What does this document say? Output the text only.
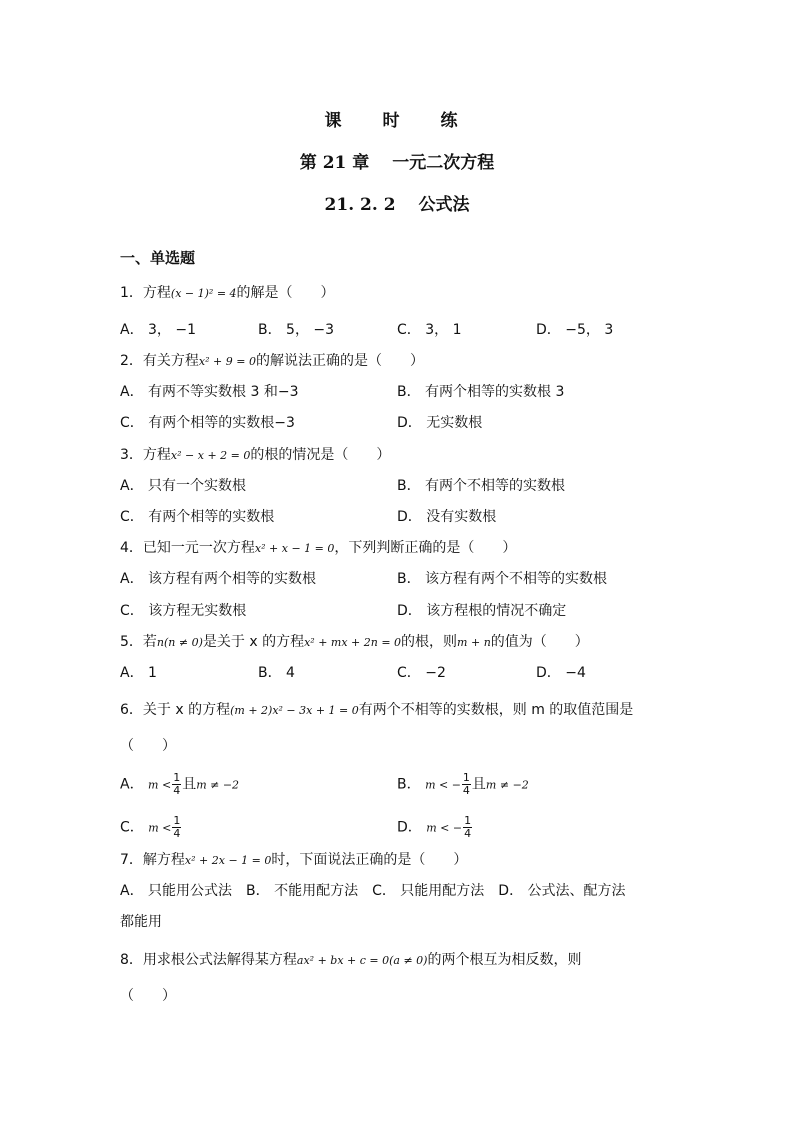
课　时　练
第 21 章　 一元二次方程
21. 2. 2　 公式法
一、单选题
1．方程(x − 1)² = 4的解是（　　）
A． 3， −1	B． 5， −3	C． 3， 1	D． −5， 3
2．有关方程x² + 9 = 0的解说法正确的是（　　）
A． 有两不等实数根 3 和−3	B． 有两个相等的实数根 3
C． 有两个相等的实数根−3	D． 无实数根
3．方程x² − x + 2 = 0的根的情况是（　　）
A． 只有一个实数根	B． 有两个不相等的实数根
C． 有两个相等的实数根	D． 没有实数根
4．已知一元一次方程x² + x − 1 = 0，下列判断正确的是（　　）
A． 该方程有两个相等的实数根	B． 该方程有两个不相等的实数根
C． 该方程无实数根	D． 该方程根的情况不确定
5．若n(n ≠ 0)是关于 x 的方程x² + mx + 2n = 0的根，则m + n的值为（　　）
A． 1	B． 4	C． −2	D． −4
6．关于 x 的方程(m + 2)x² − 3x + 1 = 0有两个不相等的实数根，则 m 的取值范围是
（　　）
A． $m < \frac{1}{4}$ 且m ≠ −2	B． m < − $\frac{1}{4}$ 且m ≠ −2
C． $m < \frac{1}{4}$	D． m < − $\frac{1}{4}$
7．解方程x² + 2x − 1 = 0时，下面说法正确的是（　　）
A． 只能用公式法　B． 不能用配方法　C． 只能用配方法　D． 公式法、配方法
都能用
8．用求根公式法解得某方程ax² + bx + c = 0(a ≠ 0)的两个根互为相反数，则
（　　）
